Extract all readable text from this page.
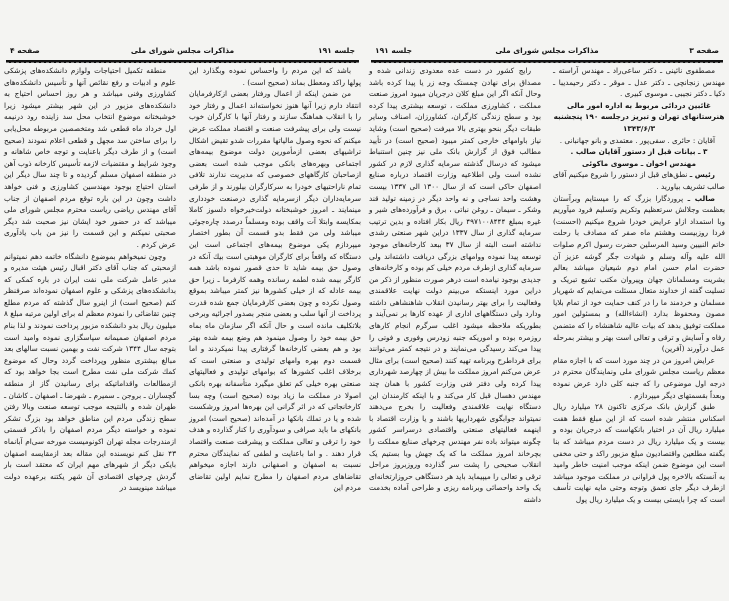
جلسه ۱۹۱
مذاکرات مجلس شورای ملی
صفحه ۴

باشد که این مردم را واحساس نموده وبگذارد این پولها راکد ومعطل بماند (صحیح است) .

من ضمن اینکه از اعمال ورفتار بعضی ازکارفرمایان انتقاد دارم زیرا آنها هنوز نخواسته‌اند اعمال و رفتار خود را با انقلاب هماهنگ سازند و رفتار آنها با کارگران خوب نیست ولی برای پیشرفت صنعت و اقتصاد مملکت عرض میکنم که نحوه وصول مالیاتها مقررات شدو تقیض اشکال تراشیهای بعضی ازمأمورین دولت موضوع بیمه‌های اجتماعی وبهره‌های بانکی موجب شده است بعضی ازصاحبان کارگاههای خصوصی که مدیریت ندارند تلافی تمام ناراحتیهای خودرا به سرکارگران بیلورند و از طرفی سرمایه‌داران دیگر ازسرمایه گذاری درصنعت خودداری مینمایند ـ امروز خوشبختانه دولت‌خیرخواه دلسوز کاملا بمکایسه وابتلا آت واقف بوده ومسلماً درصدد چاره‌جوئی میباشد ولی من فقط بدو قسمت آن بطور اختصار میپردازم یکی موضوع بیمه‌های اجتماعی است این دستگاه که واقعاً برای کارگران موهبتی است بیك آنکه در وصول حق بیمه شاید تا حدی قصور نموده باشد همه کارگر بیمه شده لطمه رسانده وهمه کارفرما ـ زیرا حق بیمه عادله که از خیلی کشورها نیز کمتر میباشد بموقع وصول نکرده و چون بعضی کارفرمایان جمع شده قدرت پرداخت از آنها سلب و بعضی منجر بصدور اجرائیه وبرخی بلاتکلیف مانده است و حال آنکه اگر سازمان ماه بماه حق بیمه خود را وصول مینمود هم وضع بیمه شده بهتر بود و هم بعضی کارخانه‌ها گرفتاری پیدا نمیکردند و اما قسمت دوم بهره وامهای تولیدی و صنعتی است که برخلاف اغلب کشورها که بوامهای تولیدی و فعالیتهای صنعتی بهره خیلی کم تعلق میگیرد متأسفانه بهره بانکی اصولا در مملکت ما زیاد بوده (صحیح است) وچه بسا کارخانجاتی که در اثر گرانی این بهره‌ها امروز ورشکست شده و یا در تملك بانکها در آمده‌اند (صحیح است) امروز بانکهای ما باید صرافی و سودآوری را کنار گذارده و هدف خود را ترقی و تعالی مملکت و پیشرفت صنعت واقتصاد قرار دهند . و اما باعنایت و لطفی که نمایندگان محترم نسبت به اصفهان و اصفهانی دارند اجازه میخواهم تقاضاهای مردم اصفهان را مطرح نمایم اولین تقاضای مردم این

منطقه تکمیل احتیاجات ولوازم دانشکده‌های پزشکی علوم و ادبیات و رفع نقائص آنها و تأسیس دانشکده‌های کشاورزی وفنی میباشد و هر روز احساس احتیاج به دانشکده‌های مزبور در این شهر بیشتر میشود زیرا خوشبختانه موضوع انتخاب محل سد زاینده رود درنیمه اول خرداد ماه قطعی شد ومتخصصین مربوطه محل‌یابی را برای ساختن سد مجهل و قطعی اعلام نمودند (صحیح است) و از طرف دیگر باعنایت و توجه خاص شاهانه و وجود شرایط و مقتضیات لازمه تأسیس کارخانه ذوب آهن در منطقه اصفهان مسلم گردیده و تا چند سال دیگر این استان احتیاج بوجود مهندسین کشاورزی و فنی خواهد داشت وچون در این باره توقع مردم اصفهان از جناب آقای مهندس ریاضی ریاست محترم مجلس شورای ملی میباشد که در حضور خود ایشان نیز صحبت شد دیگر صحبتی نمیکنم و این قسمت را نیز من باب یادآوری عرض کردم .

وچون نمیخواهم بموضوع دانشگاه خاتمه دهم نمیتوانم ازمحبتی که جناب آقای دکتر اقبال رئیس هیئت مدیره و مدیر عامل شرکت ملی نفت ایران در باره کمکی که بدانشکده‌های پزشکی و علوم اصفهان نموده‌اند صرفنظر کنم (صحیح است) از اینرو سال گذشته که مردم مطلع چنین تقاضائی را نمودم معظم له برای اولین مرتبه مبلغ ۸ میلیون ریال بدو دانشکده مزبور پرداخت نمودند و لذا بنام مردم اصفهان صمیمانه سپاسگزاری نموده وامید است بتوجه سال ۱۳۴۴ شرکت نفت و بهمین نسبت سالهای بعد مبالغ بیشتری منظور وپرداخت گردد وحال که موضوع کمك شرکت ملی نفت مطرح است بجا خواهد بود که ازمطالعات واقداماتیکه برای رسانیدن گاز از منطقه گچساران ـ بروجن ـ سمیرم ـ شهرضا ـ اصفهان ـ کاشان ـ طهران شده و بالنتیجه موجب توسعه صنعت وبالا رفتن سطح زندگی مردم این مناطق خواهد بود بزرگ تشکر نموده و خواسته دیگر مردم اصفهان را باذکر قسمتی ازمندرجات مجله تهران اکونومیست مورخه سی‌ام آبانماه ۴۳ نقل کنم نویسنده این مقاله بعد ازمقایسه اصفهان بایکی دیگر از شهرهای مهم ایران که معتقد است بار گردش چرخهای اقتصادی آن شهر یکتنه برعهده دولت میباشد مینویسد در

صفحه ۳
مذاکرات مجلس شورای ملی
جلسه ۱۹۱

مصطفوی نائینی ـ دکتر ساعی‌راد ـ مهندس آراسته ـ مهندس زنجانچی ـ دکتر عدل ـ موقر ـ دکتر رحیمدیبا ـ دکیا ـ دکتر نجیبی ـ موسوی کبیری .

غائبین دردائی مربوط به اداره امور مالی هنرستانهای تهران و تبریز درجلسه ۱۹۰ پنجشنبه

۱۳۴۳/۶/۳

آقایان : حائری . سفی‌پور . معتمدی و بانو جهانبانی .

۳ ـ بیانات قبل از دستور آقایان صالب .

مهندس اخوان ـ موسوی ماکوئی

رئیس ـ نطق‌های قبل از دستور را شروع میکنیم آقای صالب تشریف بیاورید .

صالب ـ پروردگارا بزرگ که را میستایم وبرآستان بعظمت وجلالش سرتعظیم وتکریم وتسلیم فرود میآوریم وبا استمداد ازاو عرایض خودرا شروع میکنیم (احسنت) فردا روزبیست وهشتم ماه صفر که مصادف با رحلت خاتم النبیین وسید المرسلین حضرت رسول اکرم صلوات الله علیه وآله وسلم و شهادت جگر گوشه عزیز آن حضرت امام حسن امام دوم شیعیان میباشد بعالم بشریت ومسلمانان جهان وپیروان مکتب تشیع تبریک و تسلیت گفته از خداوند متعال مسئلت می‌نمایم که شهریار مسلمان و خردمند ما را در کنف حمایت خود از تمام بلایا مصون ومحفوظ بدارد (انشاءالله) و بمسئولین امور مملکت توفیق بدهد که بیات عالیه شاهنشاه را که متضمن رفاه و آسایش و ترقی و تعالی است بهتر و بیشتر بمرحله عمل درآورند (آفرین)

عرایض امروز من در چند مورد است که با اجازه مقام معظم ریاست مجلس شورای ملی ونمایندگان محترم در درجه اول موضوعی را که جنبه کلی دارد عرض نموده وبعداً بقسمتهای دیگر میپردازم .

طبق گزارش بانک مرکزی تاکنون ۲۸ میلیارد ریال اسکناس منتشر شده است که از این مبلغ فقط هفت میلیارد ریال آن در اختیار بانکهاست که درجریان بوده و بیست و یک میلیارد ریال در دست مردم میباشد که بنا بگفته مطلعین واقتصادیون مبلغ مزبور راکد و حتی مخفی است این موضوع ضمن اینکه موجب امنیت خاطر وامید به آنستکه بالاخره پول فراوانی در مملکت موجود میباشد ازطرف دیگر جای تعمق وتوجه وحتی مایه نهایت تأسف است که چرا بایستی بیست و یک میلیارد ریال پول

رایج کشور در دست عده معدودی زندانی شده و مصداق برای نهادن چمستک وجه زر یا پیدا کرده باشد وحال آنکه اگر این مبلغ کلان درجریان میبود امروز صنعت مملکت ، کشاورزی مملکت ، توسعه بیشتری پیدا کرده بود و سطح زندگی کارگران، کشاورزان، اصناف وسایر طبقات دیگر بنحو بهتری بالا میرفت (صحیح است) وشاید نیاز باوامهای خارجی کمتر میبود (صحیح است) در تأیید مطالب فوق از گزارش بانک ملی نیز چنین استنباط میشود که درسال گذشته سرمایه گذاری لازم در کشور نشده است ولی اطلاعیه وزارت اقتصاد درباره صنایع اصفهان حاکی است که از سال ۱۳۰۰ الی ۱۳۳۷ بیست وهشت واحد نساجی و نه واحد دیگر در زمینه تولید قند وشکر ـ سیمان ـ روغن نباتی ، برق و فرآورده‌های شیر و غیره بمبلغ ۴۹۷۱۰۰۸۴۴۴ ریال بکار افتاده و بدین ترتیب سرمایه گذاری از سال ۱۳۳۷ دراین شهر صنعتی رشدی نداشته است البته از سال ۳۷ ببعد کارخانه‌های موجود توسعه پیدا نموده ووامهای بزرگی دریافت داشته‌اند ولی سرمایه گذاری ازطرف مردم خیلی کم بوده و کارخانه‌های جدیدی بوجود نیامده است درهر صورت منظور از ذکر من دراین مورد اینستکه می‌بینم دولت نهایت علاقمندی وفعالیت را برای بهتر رسانیدن انقلاب شاهنشاهی داشته ودارد ولی دستگاههای اداری از عهده کارها بر نمی‌آیند و بطوریکه ملاحظه میشود اغلب سرگرم انجام کارهای روزمره بوده و اموریکه جنبه زودرس وفوری و فوتی را پیدا می‌کند رسیدگی می‌نمایند و در نتیجه کمتر می‌توانند برای فرداطرح وبرنامه تهیه کنند (صحیح است) برای مثال عرض می‌کنم امروز مملکت ما بیش از چهارصد شهرداری پیدا کرده ولی دفتر فنی وزارت کشور با همان چند مهندس دهسال قبل کار می‌کند و با اینکه کارمندان این دستگاه نهایت علاقمندی وفعالیت را بخرج می‌دهند نمیتواند جوابگوی شهرداریها باشند و یا وزارت اقتصاد با اینهمه فعالیتهای صنعتی واقتصادی درسراسر کشور چگونه میتواند باده نفر مهندس چرخهای صنایع مملکت را بچرخاند امروز مملکت ما که یک جهش وبا بستیم یک انقلاب صحیحی را پشت سر گذارده وروزبروز مراحل ترقی و تعالی را میپیماید باید هر دستگاهی حروزارتخانه‌ای یک واحد واحصائی وبرنامه ریزی و طراحی آماده بخدمت داشته
